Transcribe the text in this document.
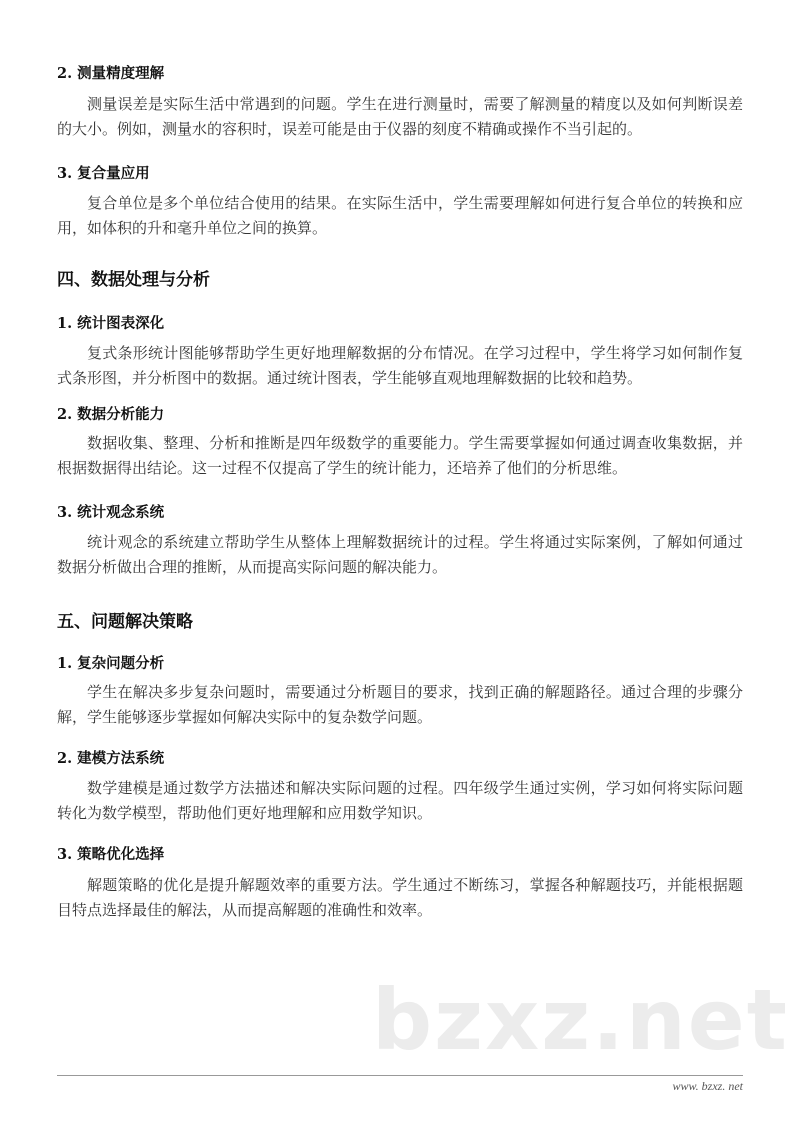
2. 测量精度理解
测量误差是实际生活中常遇到的问题。学生在进行测量时，需要了解测量的精度以及如何判断误差的大小。例如，测量水的容积时，误差可能是由于仪器的刻度不精确或操作不当引起的。
3. 复合量应用
复合单位是多个单位结合使用的结果。在实际生活中，学生需要理解如何进行复合单位的转换和应用，如体积的升和毫升单位之间的换算。
四、数据处理与分析
1. 统计图表深化
复式条形统计图能够帮助学生更好地理解数据的分布情况。在学习过程中，学生将学习如何制作复式条形图，并分析图中的数据。通过统计图表，学生能够直观地理解数据的比较和趋势。
2. 数据分析能力
数据收集、整理、分析和推断是四年级数学的重要能力。学生需要掌握如何通过调查收集数据，并根据数据得出结论。这一过程不仅提高了学生的统计能力，还培养了他们的分析思维。
3. 统计观念系统
统计观念的系统建立帮助学生从整体上理解数据统计的过程。学生将通过实际案例，了解如何通过数据分析做出合理的推断，从而提高实际问题的解决能力。
五、问题解决策略
1. 复杂问题分析
学生在解决多步复杂问题时，需要通过分析题目的要求，找到正确的解题路径。通过合理的步骤分解，学生能够逐步掌握如何解决实际中的复杂数学问题。
2. 建模方法系统
数学建模是通过数学方法描述和解决实际问题的过程。四年级学生通过实例，学习如何将实际问题转化为数学模型，帮助他们更好地理解和应用数学知识。
3. 策略优化选择
解题策略的优化是提升解题效率的重要方法。学生通过不断练习，掌握各种解题技巧，并能根据题目特点选择最佳的解法，从而提高解题的准确性和效率。
bzxz.net
www. bzxz. net
